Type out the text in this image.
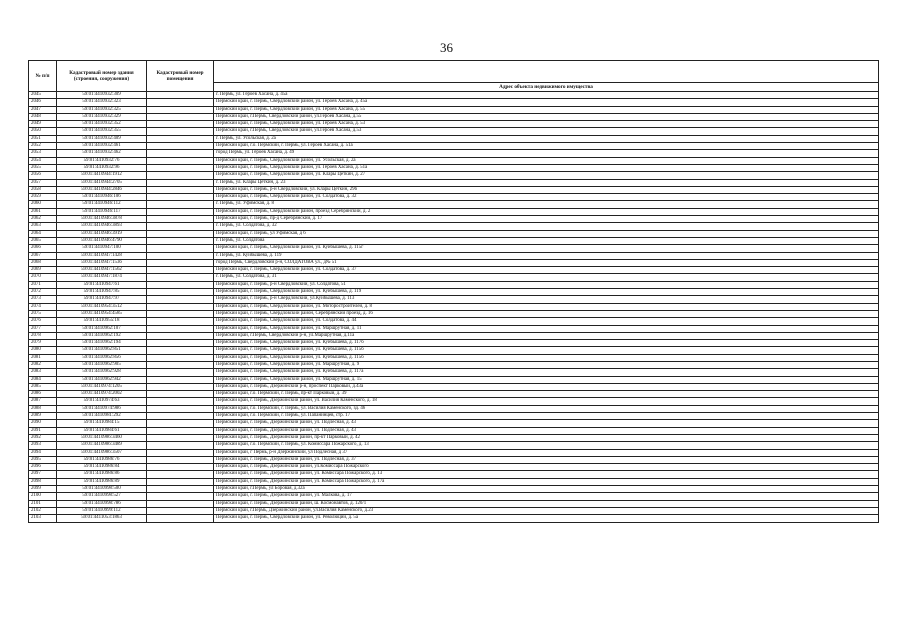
36
№ п/п	Кадастровый номер здания (строения, сооружения)	Кадастровый номер помещения	
			Адрес объекта недвижимого имущества
2045	59:01:4410932:309		г. Пермь, ул. Героев Хасана, д. 45а
2046	59:01:4410932:323		Пермский край, г. Пермь, Свердловский район, ул. Героев Хасана, д. 45а
2047	59:01:4410932:325		Пермский край, г. Пермь, Свердловский район, ул. Героев Хасана, д. 55
2048	59:01:4410932:329		Пермский край, г.Пермь, Свердловский район, ул.Героев Хасана, д.55
2049	59:01:4410932:352		Пермский край, г. Пермь, Свердловский район, ул. Героев Хасана, д. 53
2050	59:01:4410932:355		Пермский край, г.Пермь, Свердловский район, ул.Героев Хасана, д.53
2051	59:01:4410932:409		г. Пермь, ул. Усольская, д. 2а
2052	59:01:4410932:461		Пермский край, г.о. Пермский, г. Пермь, ул. Героев Хасана, д. 51а
2053	59:01:4410932:462		город Пермь, ул. Героев Хасана, д. 49
2054	59:01:4410932:76		Пермский край, г. Пермь, Свердловский район, ул. Усольская, д. 2а
2055	59:01:4410932:96		Пермский край, г. Пермь, Свердловский район, ул. Героев Хасана, д. 51а
2056	59:01:4410944:1912		Пермский край, г. Пермь, Свердловский район, ул. Клары Цеткин, д. 27
2057	59:01:4410944:2705		г. Пермь, ул. Клары Цеткин, д. 23
2058	59:01:4410944:2846		Пермский край, г. Пермь, р-н Свердловский, ул. Клары Цеткин, 29б
2059	59:01:4410946:106		Пермский край, г. Пермь, Свердловский район, ул. Солдатова, д. 32
2060	59:01:4410946:112		г. Пермь, ул. Уфимская, д. 8
2061	59:01:4410946:117		Пермский край, г. Пермь, Свердловский район, проезд Серебрянский, д. 2
2062	59:01:4410946:3878		Пермский край, г. Пермь, пр-д Серебрянский, д. 17
2063	59:01:4410946:3893		г. Пермь, ул. Солдатова, д. 32
2064	59:01:4410946:3919		Пермский край, г. Пермь, ул Уфимская, д 6
2065	59:01:4410946:4790		г. Пермь, ул. Солдатова
2066	59:01:4410947:100		Пермский край, г. Пермь, Свердловский район, ул. Куйбышева, д. 115г
2067	59:01:4410947:1428		г. Пермь, ул. Куйбышева, д. 119
2068	59:01:4410947:1536		город Пермь, Свердловский р-н, СОЛДАТОВА ул., д№ 51
2069	59:01:4410947:1562		Пермский край, г. Пермь, Свердловский район, ул. Солдатова, д. 37
2070	59:01:4410947:1874		г. Пермь, ул. Солдатова, д. 31
2071	59:01:4410947:61		Пермский край, г. Пермь, р-н Свердловский, ул. Солдатова, 51
2072	59:01:4410947:85		Пермский край, г. Пермь, Свердловский район, ул. Куйбышева, д. 119
2073	59:01:4410947:97		Пермский край, г. Пермь, р-н Свердловский, ул.Куйбышева, д. 113
2074	59:01:4410954:3512		Пермский край, г. Пермь, Свердловский район, ул. Моторостроителей, д. 8
2075	59:01:4410954:4585		Пермский край, г. Пермь, Свердловский район, Серебрянский проезд, д. 16
2076	59:01:4410955:18		Пермский край, г. Пермь, Свердловский район, ул. Солдатова, д. 44
2077	59:01:4410962:107		Пермский край, г. Пермь, Свердловский район, ул. Маршрутная, д. 11
2078	59:01:4410962:192		Пермский край, г.Пермь, Свердловский р-н, ул.Маршрутная, д.11а
2079	59:01:4410962:194		Пермский край, г. Пермь, Свердловский район, ул. Куйбышева, д. 117б
2080	59:01:4410962:851		Пермский край, г. Пермь, Свердловский район, ул. Куйбышева, д. 115б
2081	59:01:4410962:856		Пермский край, г. Пермь, Свердловский район, ул. Куйбышева, д. 115б
2082	59:01:4410962:905		Пермский край, г. Пермь, Свердловский район, ул. Маршрутная, д. 9
2083	59:01:4410962:928		Пермский край, г. Пермь, Свердловский район, ул. Куйбышева, д. 117а
2084	59:01:4410962:942		Пермский край, г. Пермь, Свердловский район, ул. Маршрутная, д. 15
2085	59:01:4410974:1205		Пермский край, г. Пермь, Дзержинский р-н, проспект Парковый, д.43а
2086	59:01:4410974:2002		Пермский край, г.о. Пермский, г. Пермь, пр-кт Парковый, д. 39
2087	59:01:4410974:63		Пермский край, г. Пермь, Дзержинский район, ул. Василия Каменского, д. 18
2088	59:01:4410974:986		Пермский край, г.о. Пермский, г. Пермь, ул. Василия Каменского, зд. 46
2089	59:01:4410981:292		Пермский край, г.о. Пермский, г. Пермь, ул. Папанинцев, стр. 17
2090	59:01:4410984:15		Пермский край, г. Пермь, Дзержинский район, ул. Подлесная, д. 43
2091	59:01:4410984:61		Пермский край, г. Пермь, Дзержинский район, ул. Подлесная, д. 43
2092	59:01:4410986:3460		Пермский край, г. Пермь, Дзержинский район, пр-кт Парковый, д. 42
2093	59:01:4410986:3489		Пермский край, г.о. Пермский, г. Пермь, ул. Комиссара Пожарского, д. 13
2094	59:01:4410986:3507		Пермский край, г Пермь, р-н Дзержинский, ул Подлесная, д 37
2095	59:01:4410986:76		Пермский край, г. Пермь, Дзержинский район, ул. Подлесная, д. 37
2096	59:01:4410986:84		Пермский край, г. Пермь, Дзержинский район, ул.Комиссара Пожарского
2097	59:01:4410986:86		Пермский край, г. Пермь, Дзержинский район, ул. Комиссара Пожарского, д. 13
2098	59:01:4410986:89		Пермский край, г. Пермь, Дзержинский район, ул. Комиссара Пожарского, д. 17а
2099	59:01:4410998:500		Пермский край, г.Пермь, ул Боровая, д.32а
2100	59:01:4410998:527		Пермский край, г. Пермь, Дзержинский район, ул. Малкова, д. 17
2101	59:01:4410998:786		Пермский край, г. Пермь, Дзержинский район, ш. Космонавтов, д. 120/1
2102	59:01:4410999:112		Пермский край, г.Пермь, Дзержинский район, ул.Василия Каменского, д.23
2103	59:01:4411053:1863		Пермский край, г. Пермь, Свердловский район, ул. Революции, д. 5а
